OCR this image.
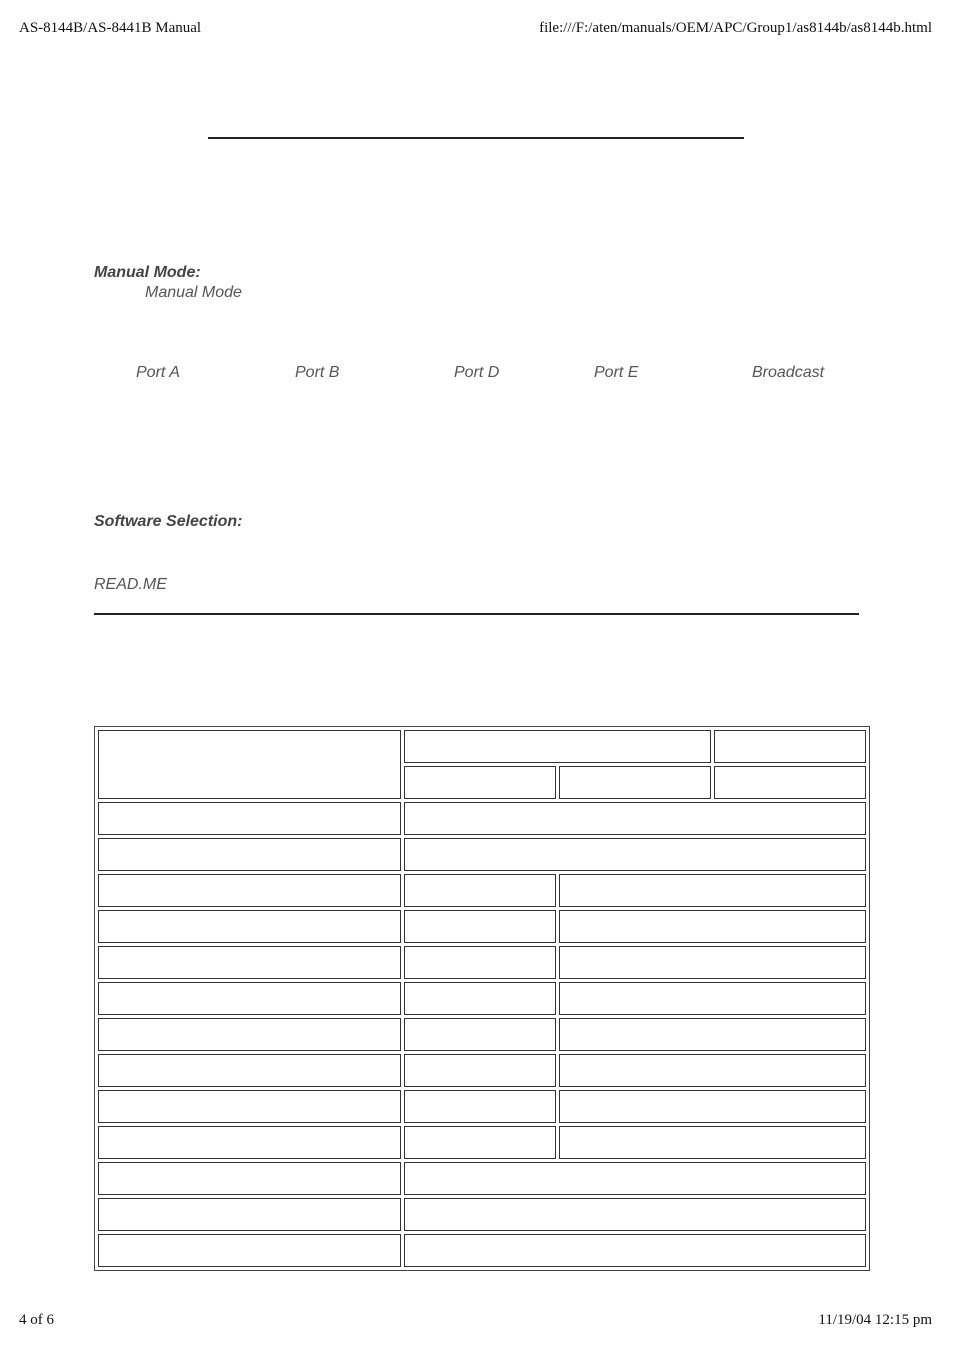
AS-8144B/AS-8441B Manual	file:///F:/aten/manuals/OEM/APC/Group1/as8144b/as8144b.html
Manual Mode:
Manual Mode
Port A	Port B	Port D	Port E	Broadcast
Software Selection:
READ.ME

4 of 6	11/19/04 12:15 pm
